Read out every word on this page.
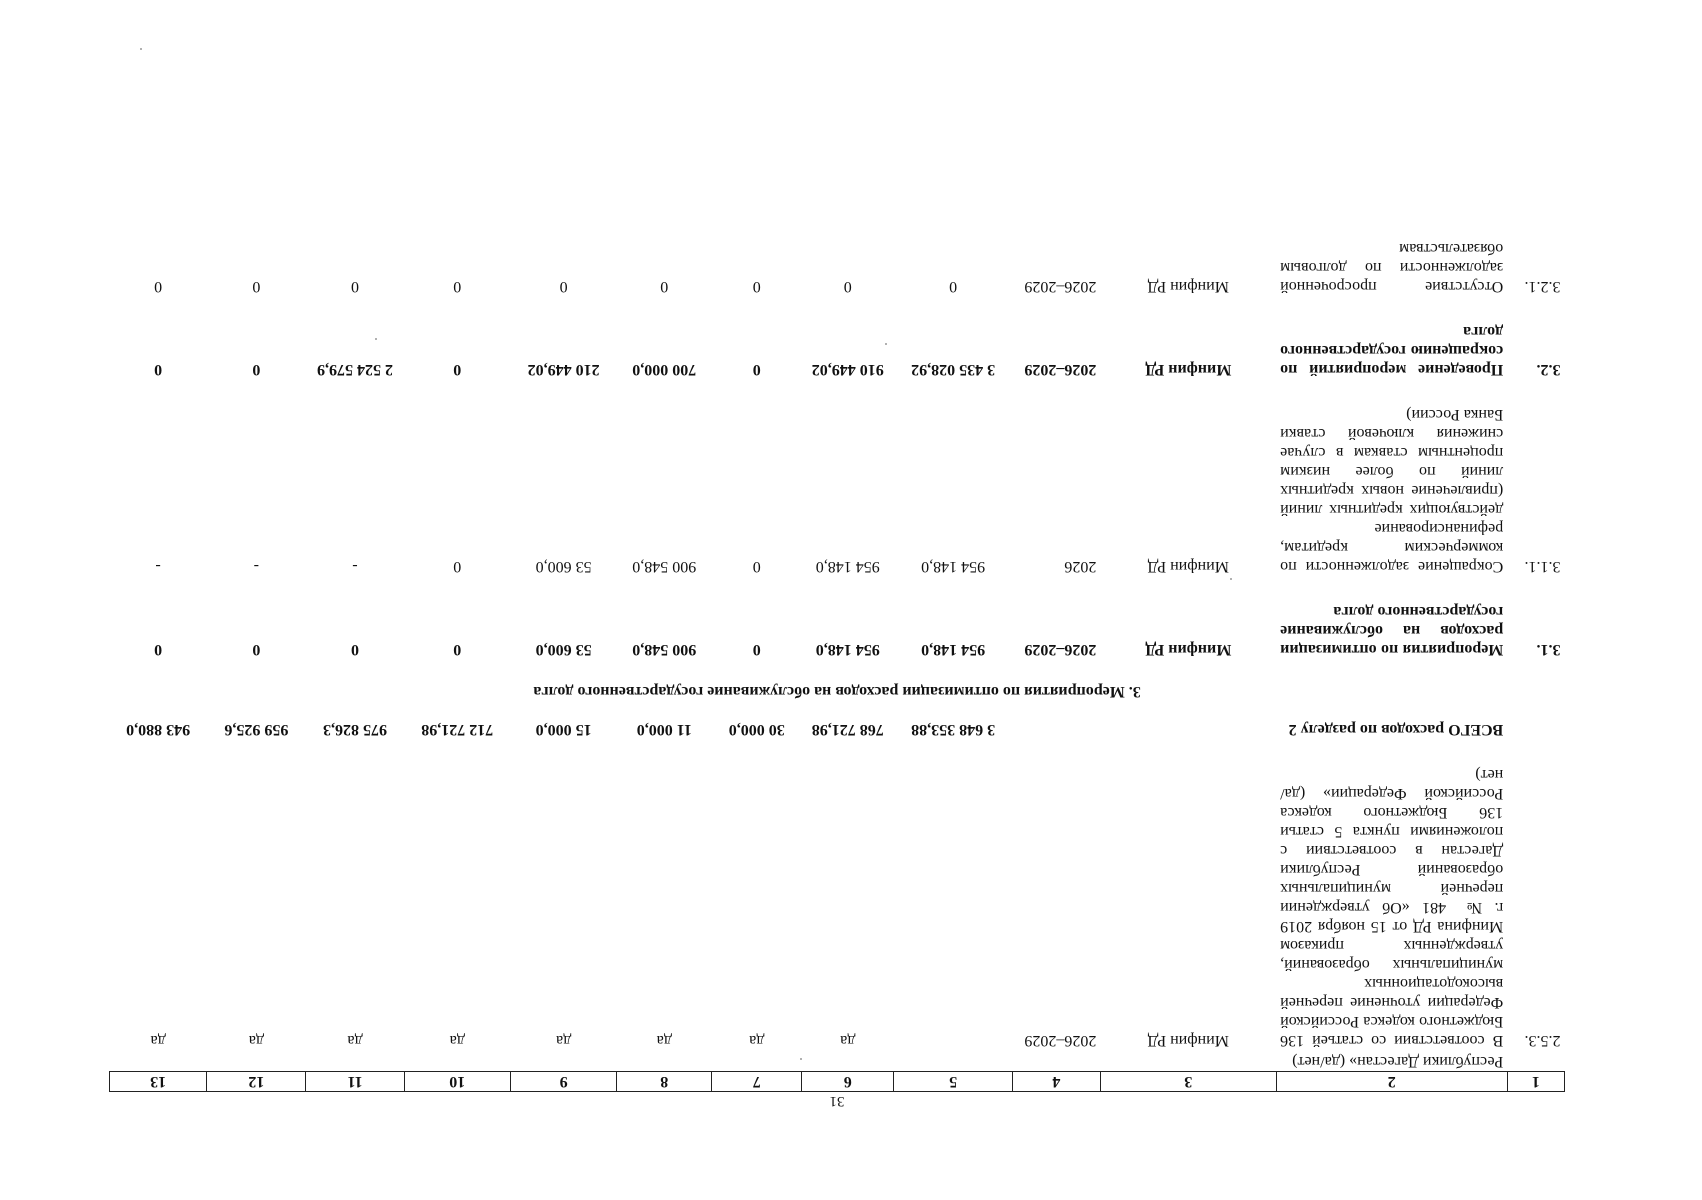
31
1	2	3	4	5	6	7	8	9	10	11	12	13
	Республики Дагестан» (да/нет)											
2.5.3.	В соответствии со статьей 136 Бюджетного кодекса Российской Федерации уточнение перечней высокодотационных муниципальных образований, утвержденных приказом Минфина РД от 15 ноября 2019 г. № 481 «Об утверждении перечней муниципальных образований Республики Дагестан в соответствии с положениями пункта 5 статьи 136 Бюджетного кодекса Российской Федерации» (да/нет)	Минфин РД	2026–2029		да	да	да	да	да	да	да	да

	ВСЕГО расходов по разделу 2			3 648 353,88	768 721,98	30 000,0	11 000,0	15 000,0	712 721,98	975 826,3	959 925,6	943 880,0
3. Мероприятия по оптимизации расходов на обслуживание государственного долга												
3.1.	Мероприятия по оптимизации расходов на обслуживание государственного долга	Минфин РД	2026–2029	954 148,0	954 148,0	0	900 548,0	53 600,0	0	0	0	0

3.1.1.	Сокращение задолженности по коммерческим кредитам, рефинансирование действующих кредитных линий (привлечение новых кредитных линий по более низким процентным ставкам в случае снижения ключевой ставки Банка России)	Минфин РД	2026	954 148,0	954 148,0	0	900 548,0	53 600,0	0	-	-	-

3.2.	Проведение мероприятий по сокращению государственного долга	Минфин РД	2026–2029	3 435 028,92	910 449,02	0	700 000,0	210 449,02	0	2 524 579,9	0	0

3.2.1.	Отсутствие просроченной задолженности по долговым обязательствам	Минфин РД	2026–2029	0	0	0	0	0	0	0	0	0
